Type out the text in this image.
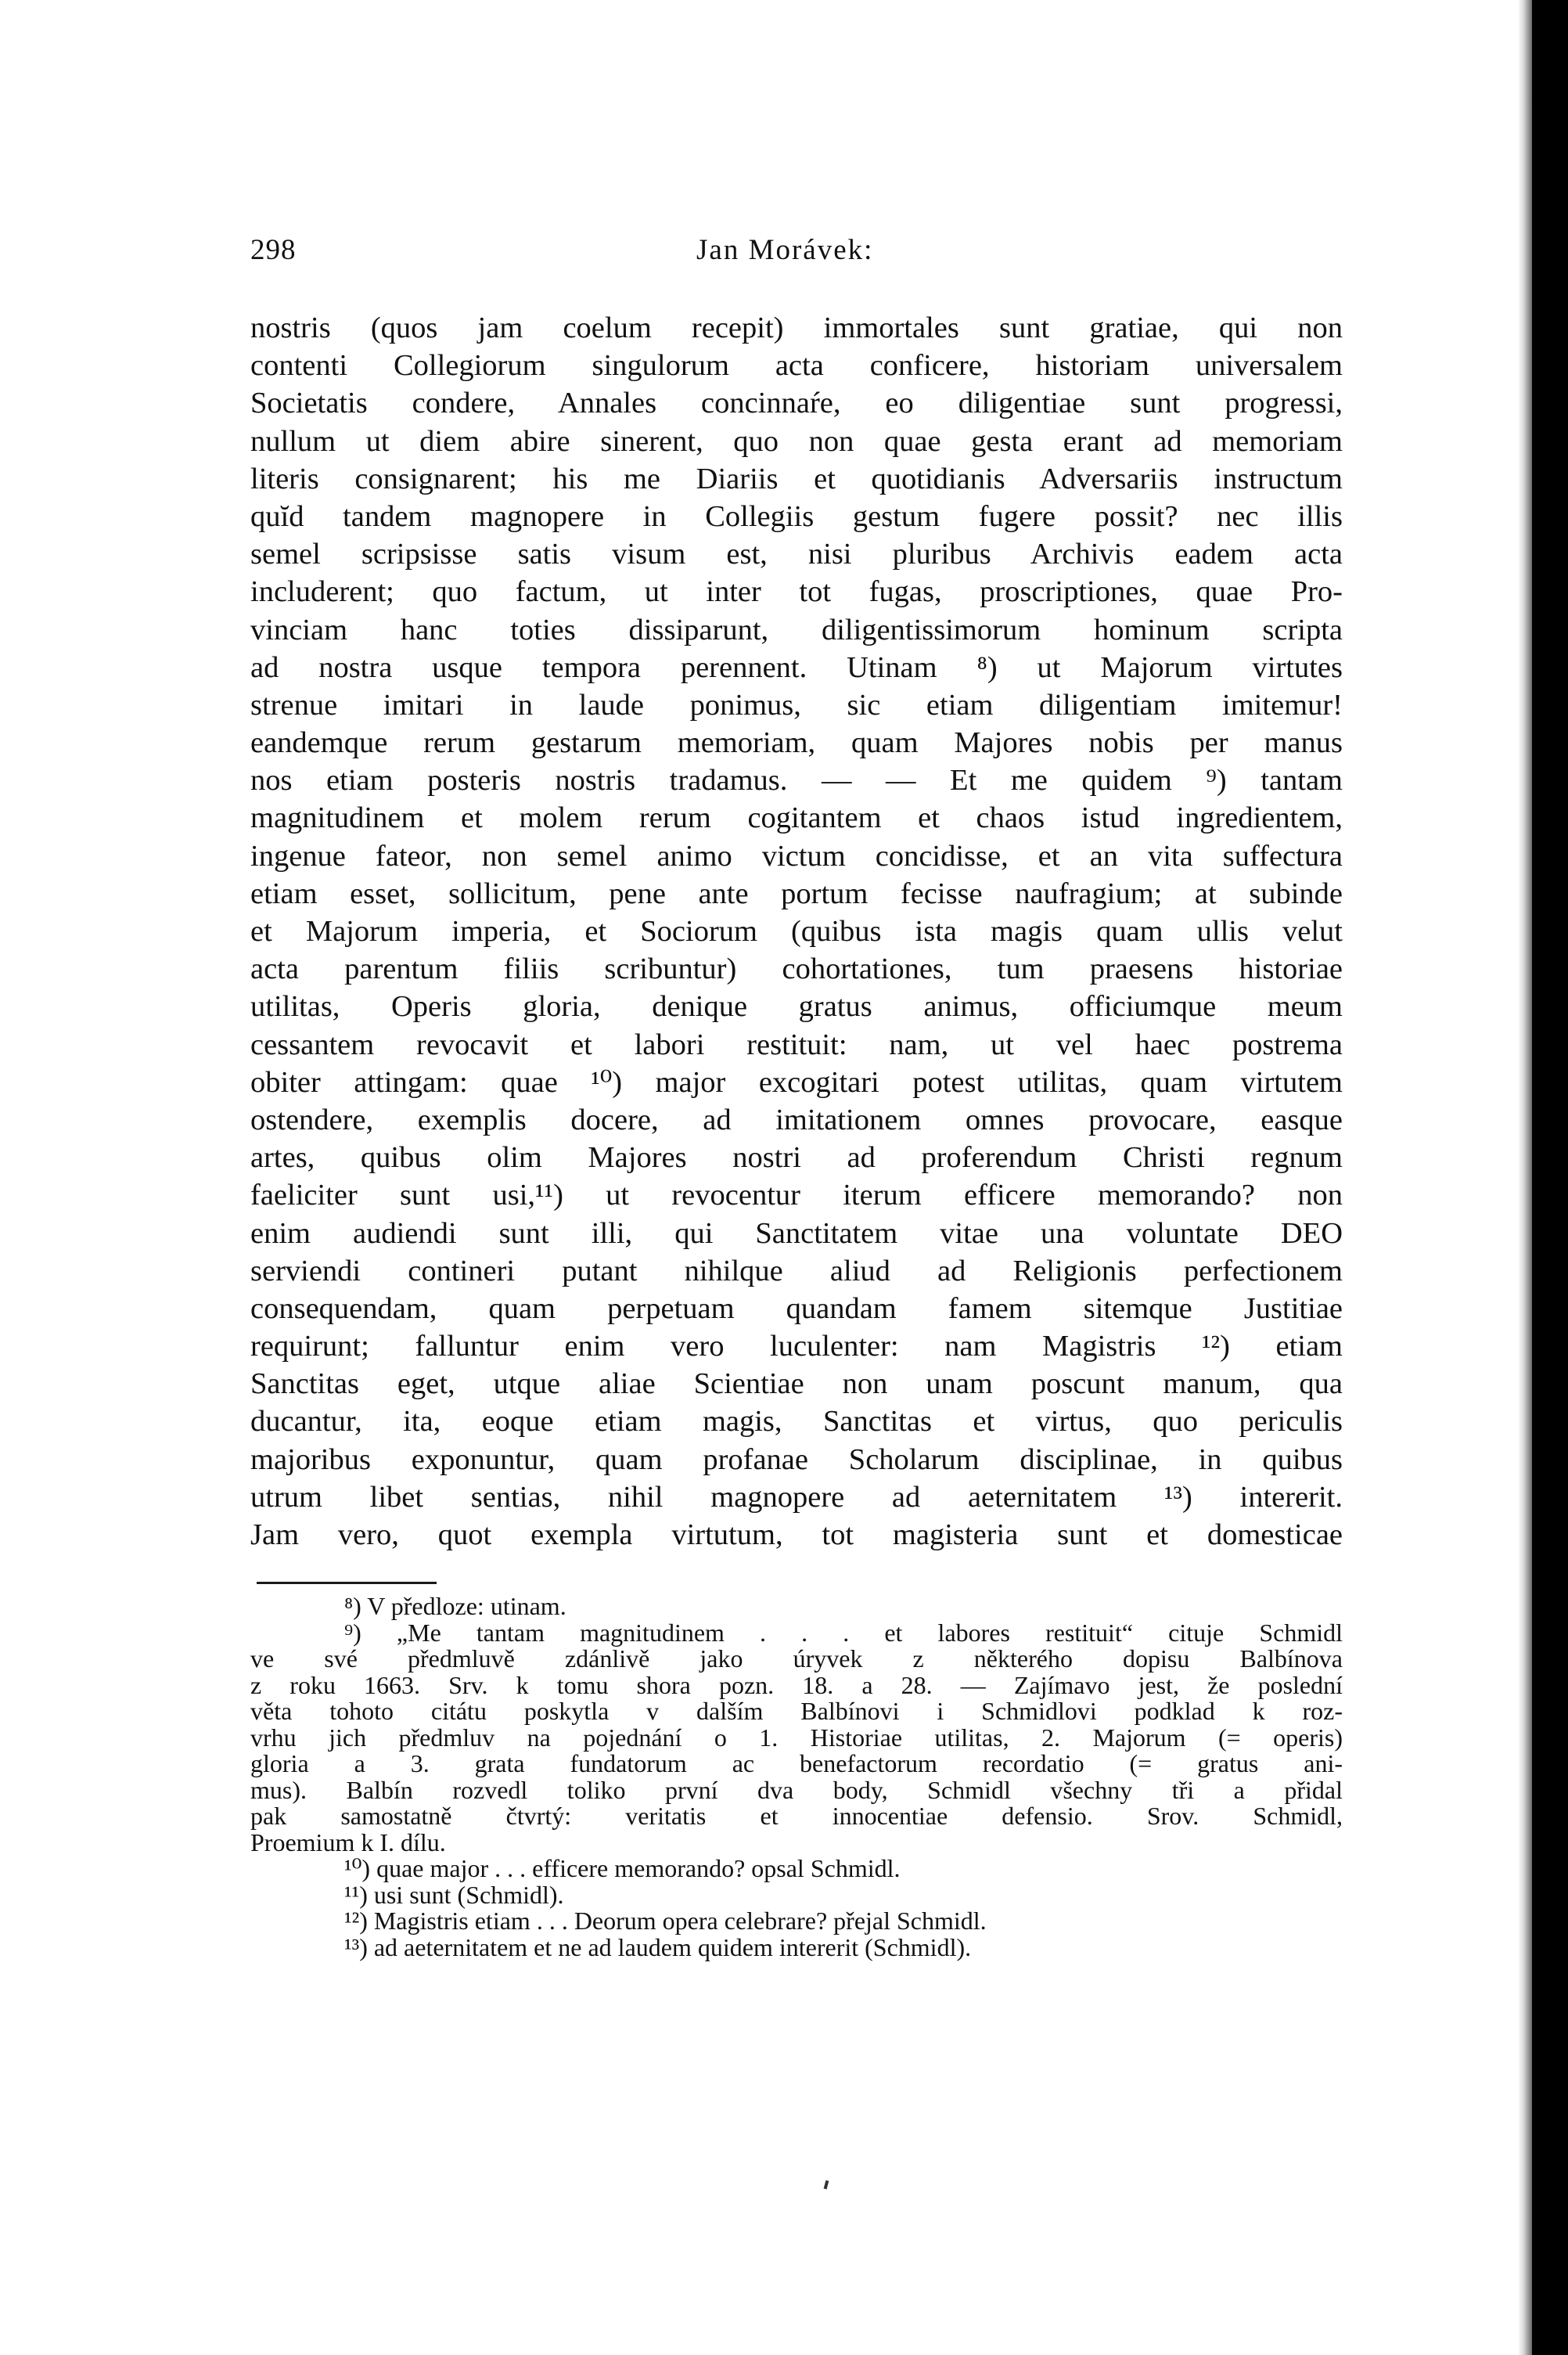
298	Jan Morávek:
nostris (quos jam coelum recepit) immortales sunt gratiae, qui non
contenti Collegiorum singulorum acta conficere, historiam universalem
Societatis condere, Annales concinnaŕe, eo diligentiae sunt progressi,
nullum ut diem abire sinerent, quo non quae gesta erant ad memoriam
literis consignarent; his me Diariis et quotidianis Adversariis instructum
quĭd tandem magnopere in Collegiis gestum fugere possit? nec illis
semel scripsisse satis visum est, nisi pluribus Archivis eadem acta
includerent; quo factum, ut inter tot fugas, proscriptiones, quae Pro-
vinciam hanc toties dissiparunt, diligentissimorum hominum scripta
ad nostra usque tempora perennent. Utinam ⁸) ut Majorum virtutes
strenue imitari in laude ponimus, sic etiam diligentiam imitemur!
eandemque rerum gestarum memoriam, quam Majores nobis per manus
nos etiam posteris nostris tradamus. — — Et me quidem ⁹) tantam
magnitudinem et molem rerum cogitantem et chaos istud ingredientem,
ingenue fateor, non semel animo victum concidisse, et an vita suffectura
etiam esset, sollicitum, pene ante portum fecisse naufragium; at subinde
et Majorum imperia, et Sociorum (quibus ista magis quam ullis velut
acta parentum filiis scribuntur) cohortationes, tum praesens historiae
utilitas, Operis gloria, denique gratus animus, officiumque meum
cessantem revocavit et labori restituit: nam, ut vel haec postrema
obiter attingam: quae ¹⁰) major excogitari potest utilitas, quam virtutem
ostendere, exemplis docere, ad imitationem omnes provocare, easque
artes, quibus olim Majores nostri ad proferendum Christi regnum
faeliciter sunt usi,¹¹) ut revocentur iterum efficere memorando? non
enim audiendi sunt illi, qui Sanctitatem vitae una voluntate DEO
serviendi contineri putant nihilque aliud ad Religionis perfectionem
consequendam, quam perpetuam quandam famem sitemque Justitiae
requirunt; falluntur enim vero luculenter: nam Magistris ¹²) etiam
Sanctitas eget, utque aliae Scientiae non unam poscunt manum, qua
ducantur, ita, eoque etiam magis, Sanctitas et virtus, quo periculis
majoribus exponuntur, quam profanae Scholarum disciplinae, in quibus
utrum libet sentias, nihil magnopere ad aeternitatem ¹³) intererit.
Jam vero, quot exempla virtutum, tot magisteria sunt et domesticae
⁸) V předloze: utinam.
⁹) „Me tantam magnitudinem . . . et labores restituit“ cituje Schmidl
ve své předmluvě zdánlivě jako úryvek z některého dopisu Balbínova
z roku 1663. Srv. k tomu shora pozn. 18. a 28. — Zajímavo jest, že poslední
věta tohoto citátu poskytla v dalším Balbínovi i Schmidlovi podklad k roz-
vrhu jich předmluv na pojednání o 1. Historiae utilitas, 2. Majorum (= operis)
gloria a 3. grata fundatorum ac benefactorum recordatio (= gratus ani-
mus). Balbín rozvedl toliko první dva body, Schmidl všechny tři a přidal
pak samostatně čtvrtý: veritatis et innocentiae defensio. Srov. Schmidl,
Proemium k I. dílu.
¹⁰) quae major . . . efficere memorando? opsal Schmidl.
¹¹) usi sunt (Schmidl).
¹²) Magistris etiam . . . Deorum opera celebrare? přejal Schmidl.
¹³) ad aeternitatem et ne ad laudem quidem intererit (Schmidl).
